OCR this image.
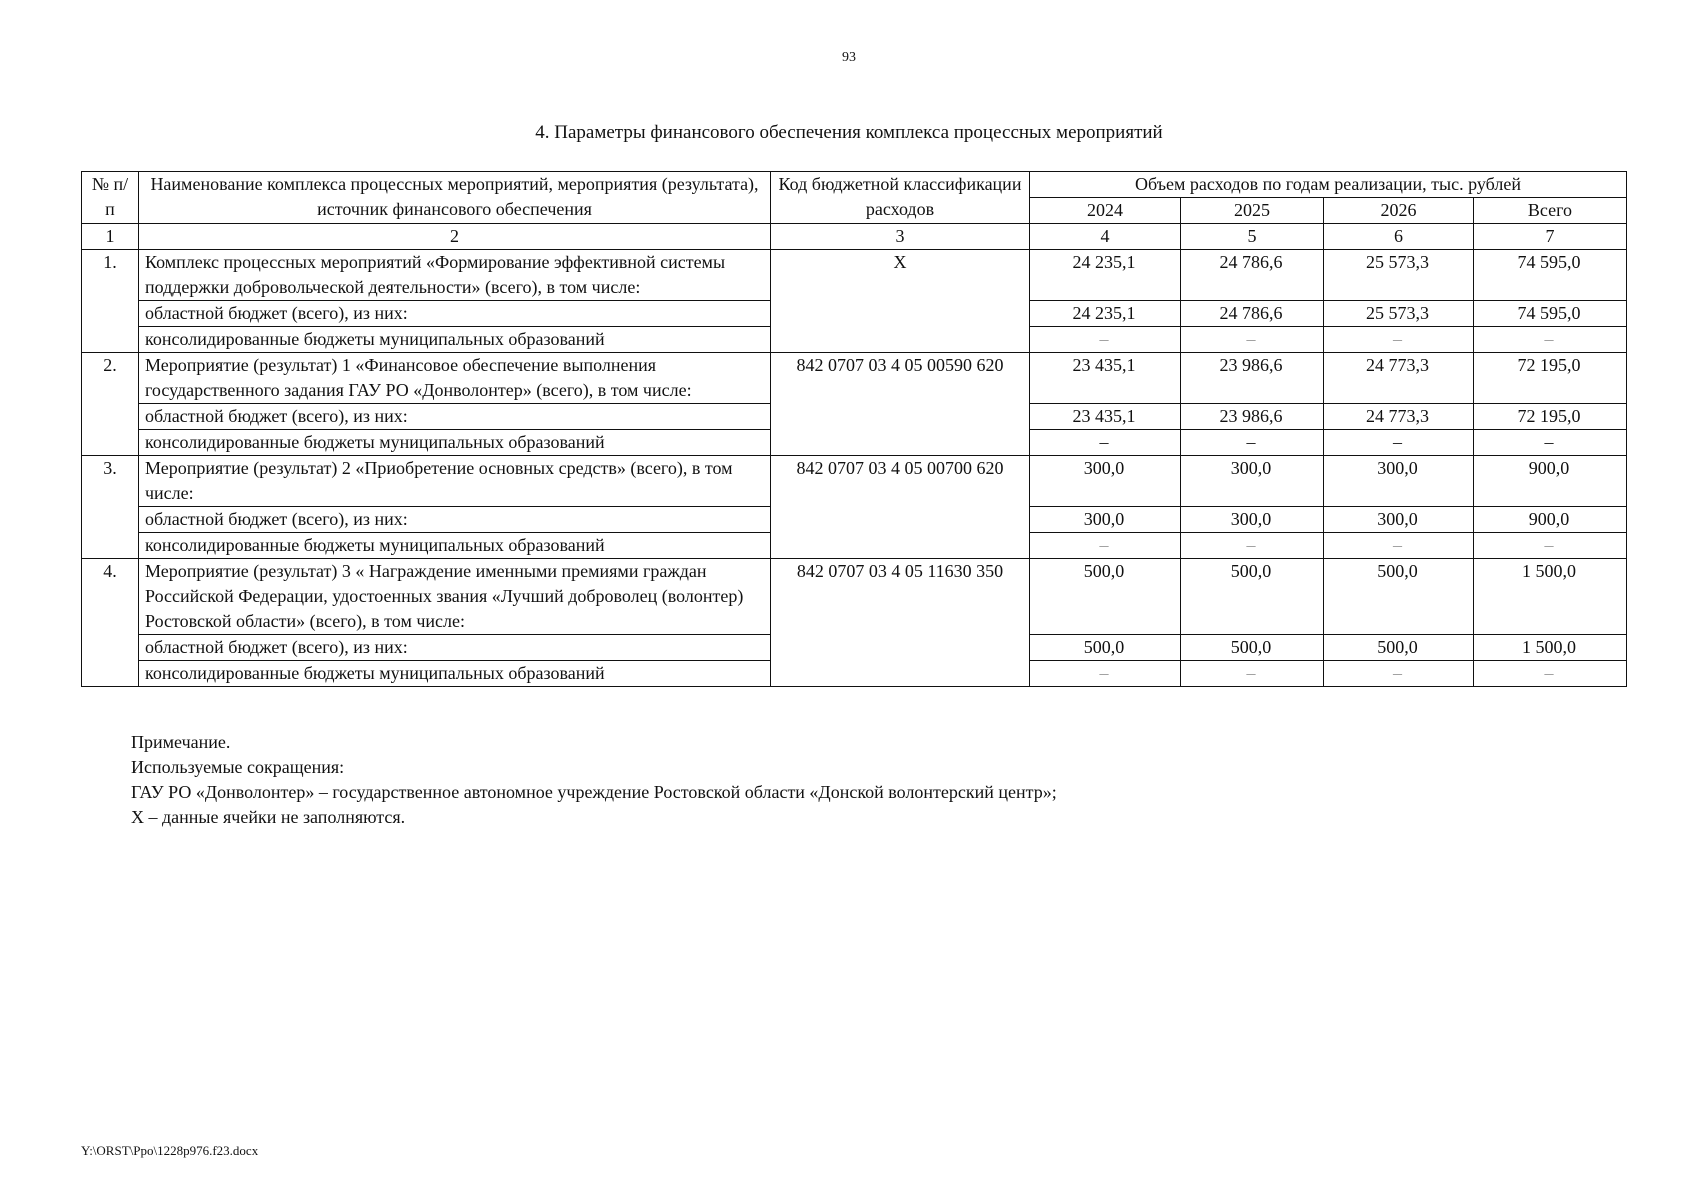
93
4. Параметры финансового обеспечения комплекса процессных мероприятий
№ п/п	Наименование комплекса процессных мероприятий, мероприятия (результата), источник финансового обеспечения	Код бюджетной классификации расходов	Объем расходов по годам реализации, тыс. рублей			
			2024	2025	2026	Всего
1	2	3	4	5	6	7
1.	Комплекс процессных мероприятий «Формирование эффективной системы поддержки добровольческой деятельности» (всего), в том числе:	Х	24 235,1	24 786,6	25 573,3	74 595,0
	областной бюджет (всего), из них:		24 235,1	24 786,6	25 573,3	74 595,0
	консолидированные бюджеты муниципальных образований		–	–	–	–
2.	Мероприятие (результат) 1 «Финансовое обеспечение выполнения государственного задания ГАУ РО «Донволонтер» (всего), в том числе:	842 0707 03 4 05 00590 620	23 435,1	23 986,6	24 773,3	72 195,0
	областной бюджет (всего), из них:		23 435,1	23 986,6	24 773,3	72 195,0
	консолидированные бюджеты муниципальных образований		–	–	–	–
3.	Мероприятие (результат) 2 «Приобретение основных средств» (всего), в том числе:	842 0707 03 4 05 00700 620	300,0	300,0	300,0	900,0
	областной бюджет (всего), из них:		300,0	300,0	300,0	900,0
	консолидированные бюджеты муниципальных образований		–	–	–	–
4.	Мероприятие (результат) 3 « Награждение именными премиями граждан Российской Федерации, удостоенных звания «Лучший доброволец (волонтер) Ростовской области» (всего), в том числе:	842 0707 03 4 05 11630 350	500,0	500,0	500,0	1 500,0
	областной бюджет (всего), из них:		500,0	500,0	500,0	1 500,0
	консолидированные бюджеты муниципальных образований		–	–	–	–
Примечание.
Используемые сокращения:
ГАУ РО «Донволонтер» – государственное автономное учреждение Ростовской области «Донской волонтерский центр»;
Х – данные ячейки не заполняются.
Y:\ORST\Ppo\1228p976.f23.docx
